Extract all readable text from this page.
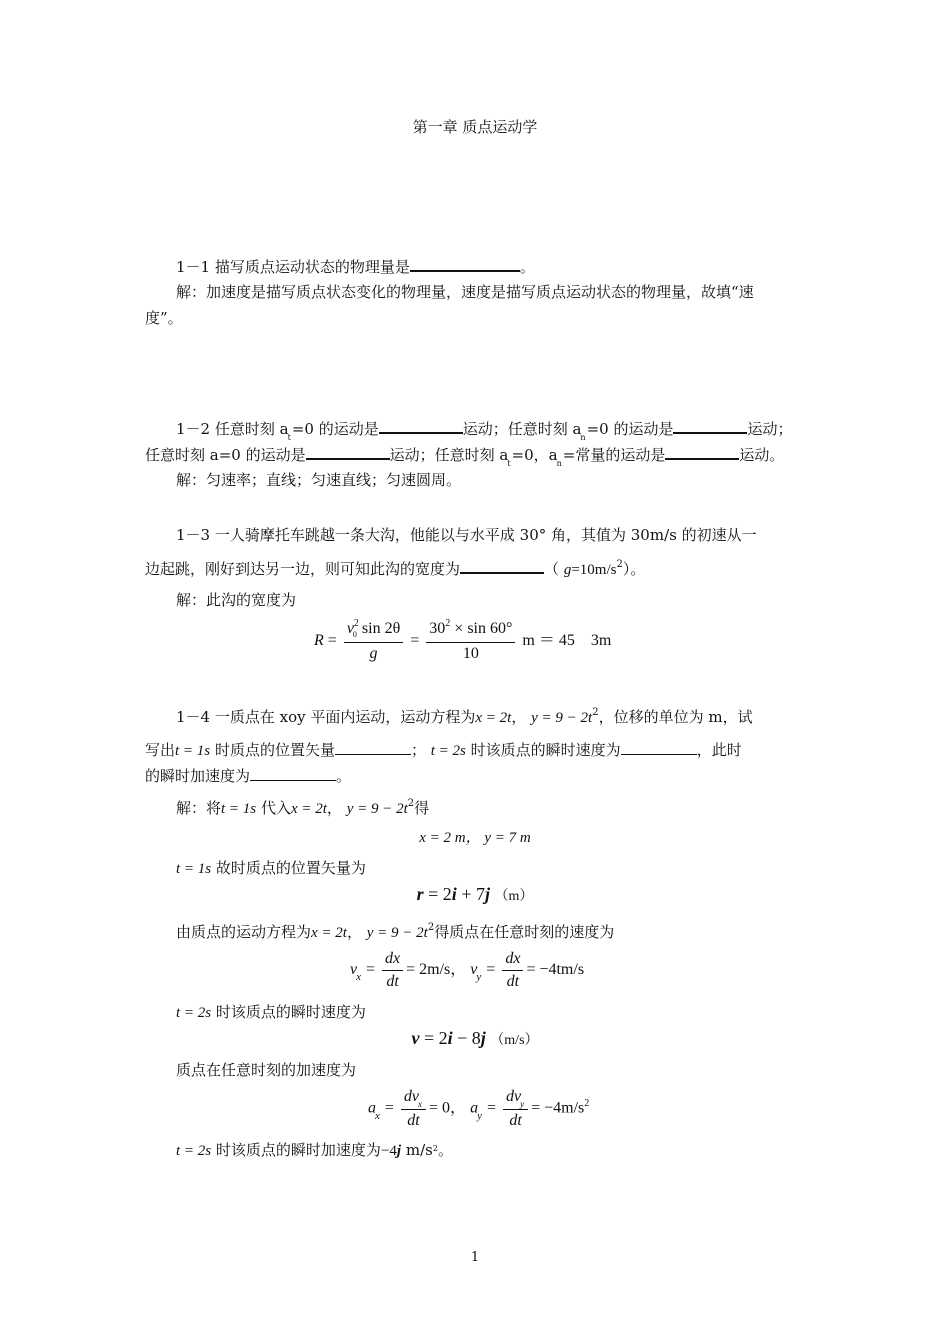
第一章 质点运动学
1－1 描写质点运动状态的物理量是	。
解：加速度是描写质点状态变化的物理量，速度是描写质点运动状态的物理量，故填“速
度”。
1－2 任意时刻 $a_t=0$ 的运动是	运动；任意时刻 $a_n=0$ 的运动是	运动；
任意时刻 a=0 的运动是	运动；任意时刻 $a_t=0$，$a_n=$常量的运动是	运动。
解：匀速率；直线；匀速直线；匀速圆周。
1－3 一人骑摩托车跳越一条大沟，他能以与水平成 30° 角，其值为 30m/s 的初速从一
边起跳，刚好到达另一边，则可知此沟的宽度为	（ $g=10m/s^2$）。
解：此沟的宽度为
$R = \frac{v^2_0 \sin 2\theta}{g} = \frac{30^2 \times \sin 60^\circ}{10}$ m ＝ 45　3m
1－4 一质点在 xoy 平面内运动，运动方程为x = 2t， $y = 9 - 2t^2$，位移的单位为 m，试
写出t = 1s 时质点的位置矢量	； t = 2s 时该质点的瞬时速度为	，此时
的瞬时加速度为	。
解：将t = 1s 代入x = 2t， $y = 9 - 2t^2$得
x = 2 m， y = 7 m
t = 1s 故时质点的位置矢量为
r = 2i + 7j （m）
由质点的运动方程为x = 2t， $y = 9 - 2t^2$得质点在任意时刻的速度为
$v_x = \frac{dx}{dt} = 2m/s$， $v_y = \frac{dx}{dt} = -4tm/s$
t = 2s 时该质点的瞬时速度为
v = 2i − 8j （m/s）
质点在任意时刻的加速度为
$a_x = \frac{dv_x}{dt} = 0$， $a_y = \frac{dv_y}{dt} = -4m/s^2$
t = 2s 时该质点的瞬时加速度为−4j $m/s^2$。
1
